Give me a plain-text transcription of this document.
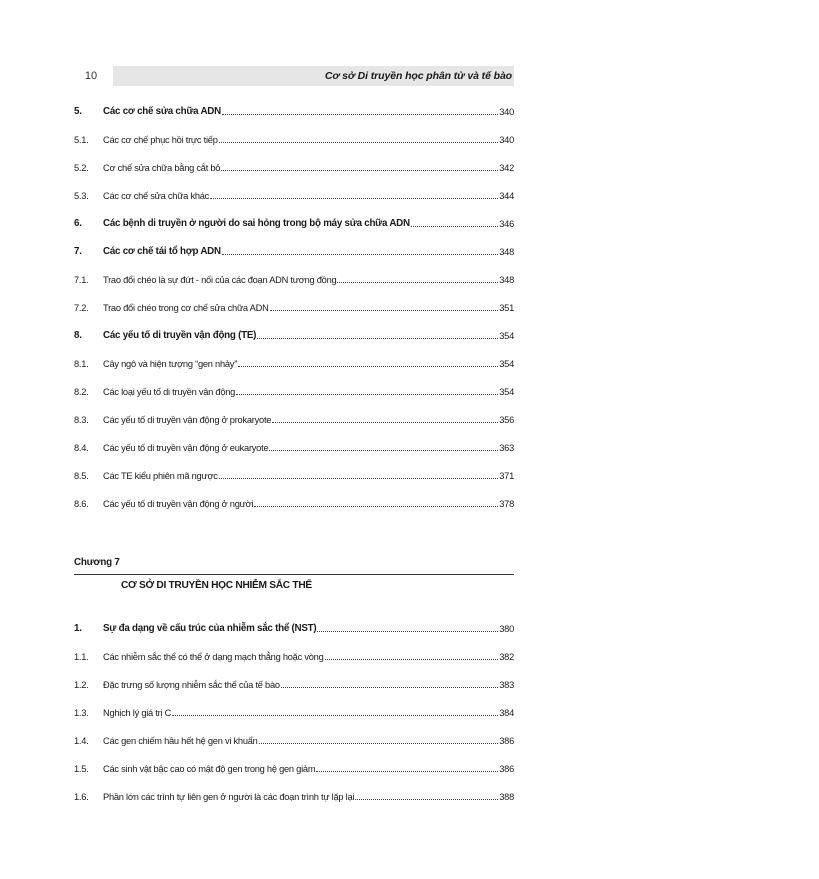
10	Cơ sở Di truyền học phân tử và tế bào
5.	Các cơ chế sửa chữa ADN	340
5.1.	Các cơ chế phục hồi trực tiếp	340
5.2.	Cơ chế sửa chữa bằng cắt bỏ	342
5.3.	Các cơ chế sửa chữa khác	344
6.	Các bệnh di truyền ở người do sai hỏng trong bộ máy sửa chữa ADN	346
7.	Các cơ chế tái tổ hợp ADN	348
7.1.	Trao đổi chéo là sự đứt - nối của các đoạn ADN tương đồng	348
7.2.	Trao đổi chéo trong cơ chế sửa chữa ADN	351
8.	Các yếu tố di truyền vận động (TE)	354
8.1.	Cây ngô và hiện tượng “gen nhảy”	354
8.2.	Các loại yếu tố di truyền vận động	354
8.3.	Các yếu tố di truyền vận động ở prokaryote	356
8.4.	Các yếu tố di truyền vận động ở eukaryote	363
8.5.	Các TE kiểu phiên mã ngược	371
8.6.	Các yếu tố di truyền vận động ở người	378
Chương 7
CƠ SỞ DI TRUYỀN HỌC NHIỄM SẮC THỂ
1.	Sự đa dạng về cấu trúc của nhiễm sắc thể (NST)	380
1.1.	Các nhiễm sắc thể có thể ở dạng mạch thẳng hoặc vòng	382
1.2.	Đặc trưng số lượng nhiễm sắc thể của tế bào	383
1.3.	Nghịch lý giá trị C	384
1.4.	Các gen chiếm hầu hết hệ gen vi khuẩn	386
1.5.	Các sinh vật bậc cao có mật độ gen trong hệ gen giảm	386
1.6.	Phần lớn các trình tự liên gen ở người là các đoạn trình tự lặp lại	388
